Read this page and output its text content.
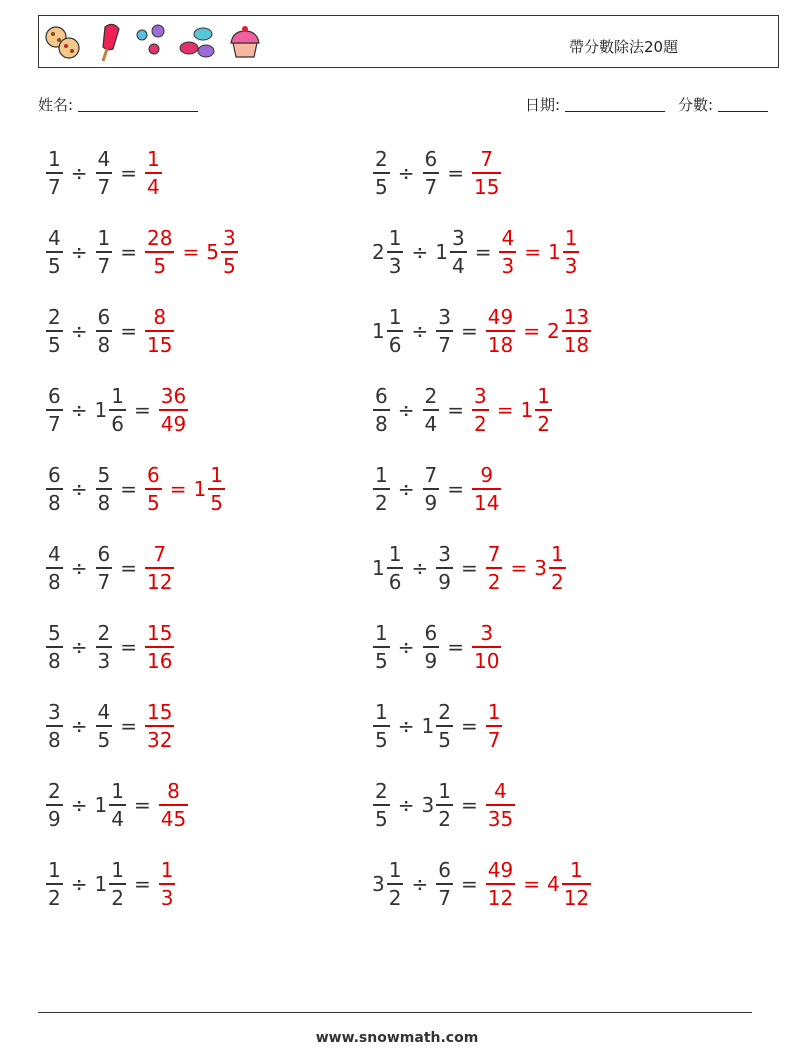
帶分數除法20題
姓名:	日期:	分數:
$\frac{1}{7} \div \frac{4}{7} = \frac{1}{4}$	$\frac{2}{5} \div \frac{6}{7} = \frac{7}{15}$
$\frac{4}{5} \div \frac{1}{7} = \frac{28}{5} = 5 \frac{3}{5}$	$2 \frac{1}{3} \div 1 \frac{3}{4} = \frac{4}{3} = 1 \frac{1}{3}$
$\frac{2}{5} \div \frac{6}{8} = \frac{8}{15}$	$1 \frac{1}{6} \div \frac{3}{7} = \frac{49}{18} = 2 \frac{13}{18}$
$\frac{6}{7} \div 1 \frac{1}{6} = \frac{36}{49}$	$\frac{6}{8} \div \frac{2}{4} = \frac{3}{2} = 1 \frac{1}{2}$
$\frac{6}{8} \div \frac{5}{8} = \frac{6}{5} = 1 \frac{1}{5}$	$\frac{1}{2} \div \frac{7}{9} = \frac{9}{14}$
$\frac{4}{8} \div \frac{6}{7} = \frac{7}{12}$	$1 \frac{1}{6} \div \frac{3}{9} = \frac{7}{2} = 3 \frac{1}{2}$
$\frac{5}{8} \div \frac{2}{3} = \frac{15}{16}$	$\frac{1}{5} \div \frac{6}{9} = \frac{3}{10}$
$\frac{3}{8} \div \frac{4}{5} = \frac{15}{32}$	$\frac{1}{5} \div 1 \frac{2}{5} = \frac{1}{7}$
$\frac{2}{9} \div 1 \frac{1}{4} = \frac{8}{45}$	$\frac{2}{5} \div 3 \frac{1}{2} = \frac{4}{35}$
$\frac{1}{2} \div 1 \frac{1}{2} = \frac{1}{3}$	$3 \frac{1}{2} \div \frac{6}{7} = \frac{49}{12} = 4 \frac{1}{12}$
www.snowmath.com
